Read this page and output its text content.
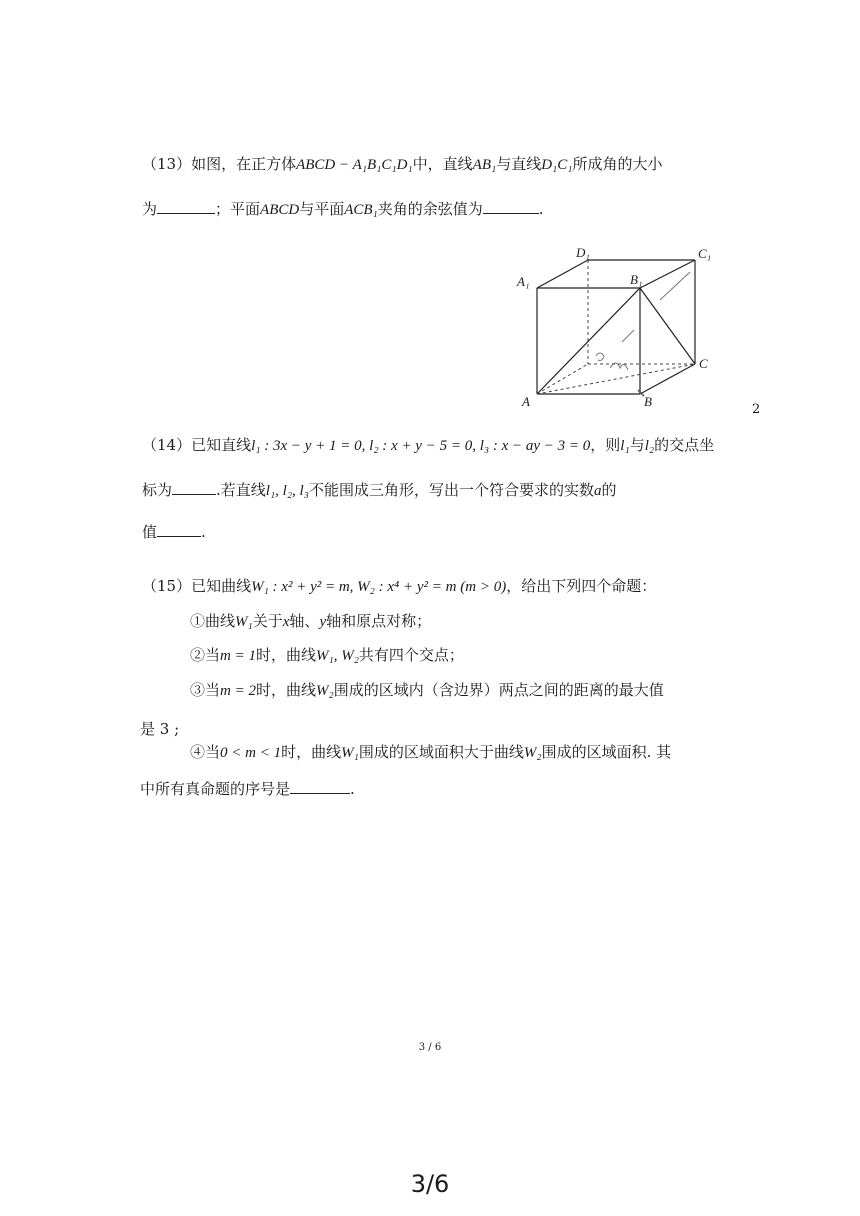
（13）如图，在正方体ABCD − A₁B₁C₁D₁中，直线AB₁与直线D₁C₁所成角的大小
为	；平面ABCD与平面ACB₁夹角的余弦值为	.
D₁	C₁
A₁	B₁
C
A	B
2
（14）已知直线l₁ : 3x − y + 1 = 0, l₂ : x + y − 5 = 0, l₃ : x − ay − 3 = 0，则l₁与l₂的交点坐
标为	.若直线l₁, l₂, l₃不能围成三角形，写出一个符合要求的实数a的
值	.
（15）已知曲线W₁ : x² + y² = m, W₂ : x⁴ + y² = m (m > 0)，给出下列四个命题：
①曲线W₁关于x轴、y轴和原点对称；
②当m = 1时，曲线W₁, W₂共有四个交点；
③当m = 2时，曲线W₂围成的区域内（含边界）两点之间的距离的最大值
是 3 ;
④当0 < m < 1时，曲线W₁围成的区域面积大于曲线W₂围成的区域面积. 其
中所有真命题的序号是	.
3 / 6
3/6
